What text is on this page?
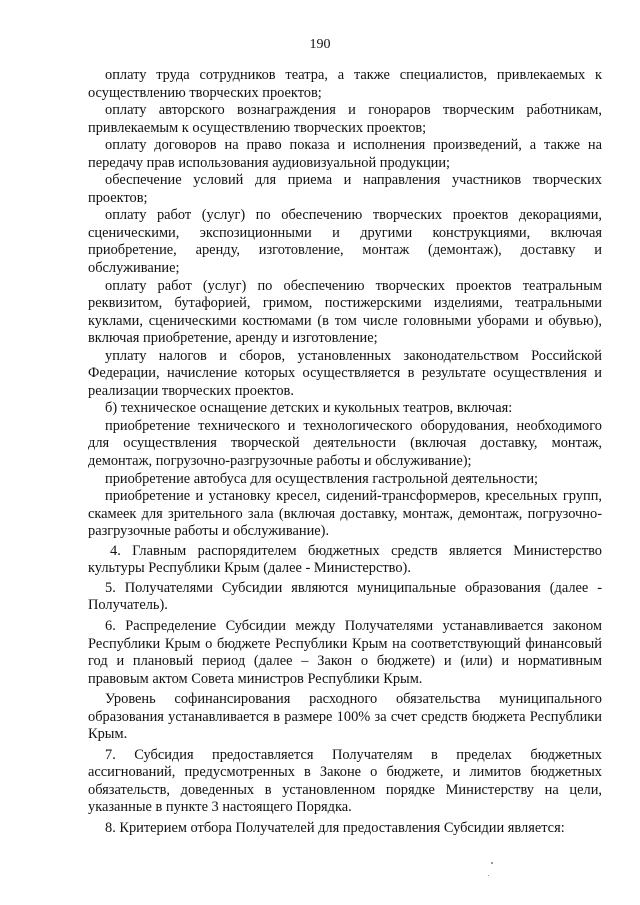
190

оплату труда сотрудников театра, а также специалистов, привлекаемых к осуществлению творческих проектов;

оплату авторского вознаграждения и гонораров творческим работникам, привлекаемым к осуществлению творческих проектов;

оплату договоров на право показа и исполнения произведений, а также на передачу прав использования аудиовизуальной продукции;

обеспечение условий для приема и направления участников творческих проектов;

оплату работ (услуг) по обеспечению творческих проектов декорациями, сценическими, экспозиционными и другими конструкциями, включая приобретение, аренду, изготовление, монтаж (демонтаж), доставку и обслуживание;

оплату работ (услуг) по обеспечению творческих проектов театральным реквизитом, бутафорией, гримом, постижерскими изделиями, театральными куклами, сценическими костюмами (в том числе головными уборами и обувью), включая приобретение, аренду и изготовление;

уплату налогов и сборов, установленных законодательством Российской Федерации, начисление которых осуществляется в результате осуществления и реализации творческих проектов.

б) техническое оснащение детских и кукольных театров, включая:

приобретение технического и технологического оборудования, необходимого для осуществления творческой деятельности (включая доставку, монтаж, демонтаж, погрузочно-разгрузочные работы и обслуживание);

приобретение автобуса для осуществления гастрольной деятельности;

приобретение и установку кресел, сидений-трансформеров, кресельных групп, скамеек для зрительного зала (включая доставку, монтаж, демонтаж, погрузочно-разгрузочные работы и обслуживание).

4. Главным распорядителем бюджетных средств является Министерство культуры Республики Крым (далее - Министерство).

5. Получателями Субсидии являются муниципальные образования (далее - Получатель).

6. Распределение Субсидии между Получателями устанавливается законом Республики Крым о бюджете Республики Крым на соответствующий финансовый год и плановый период (далее – Закон о бюджете) и (или) и нормативным правовым актом Совета министров Республики Крым.

Уровень софинансирования расходного обязательства муниципального образования устанавливается в размере 100% за счет средств бюджета Республики Крым.

7. Субсидия предоставляется Получателям в пределах бюджетных ассигнований, предусмотренных в Законе о бюджете, и лимитов бюджетных обязательств, доведенных в установленном порядке Министерству на цели, указанные в пункте 3 настоящего Порядка.

8. Критерием отбора Получателей для предоставления Субсидии является:
